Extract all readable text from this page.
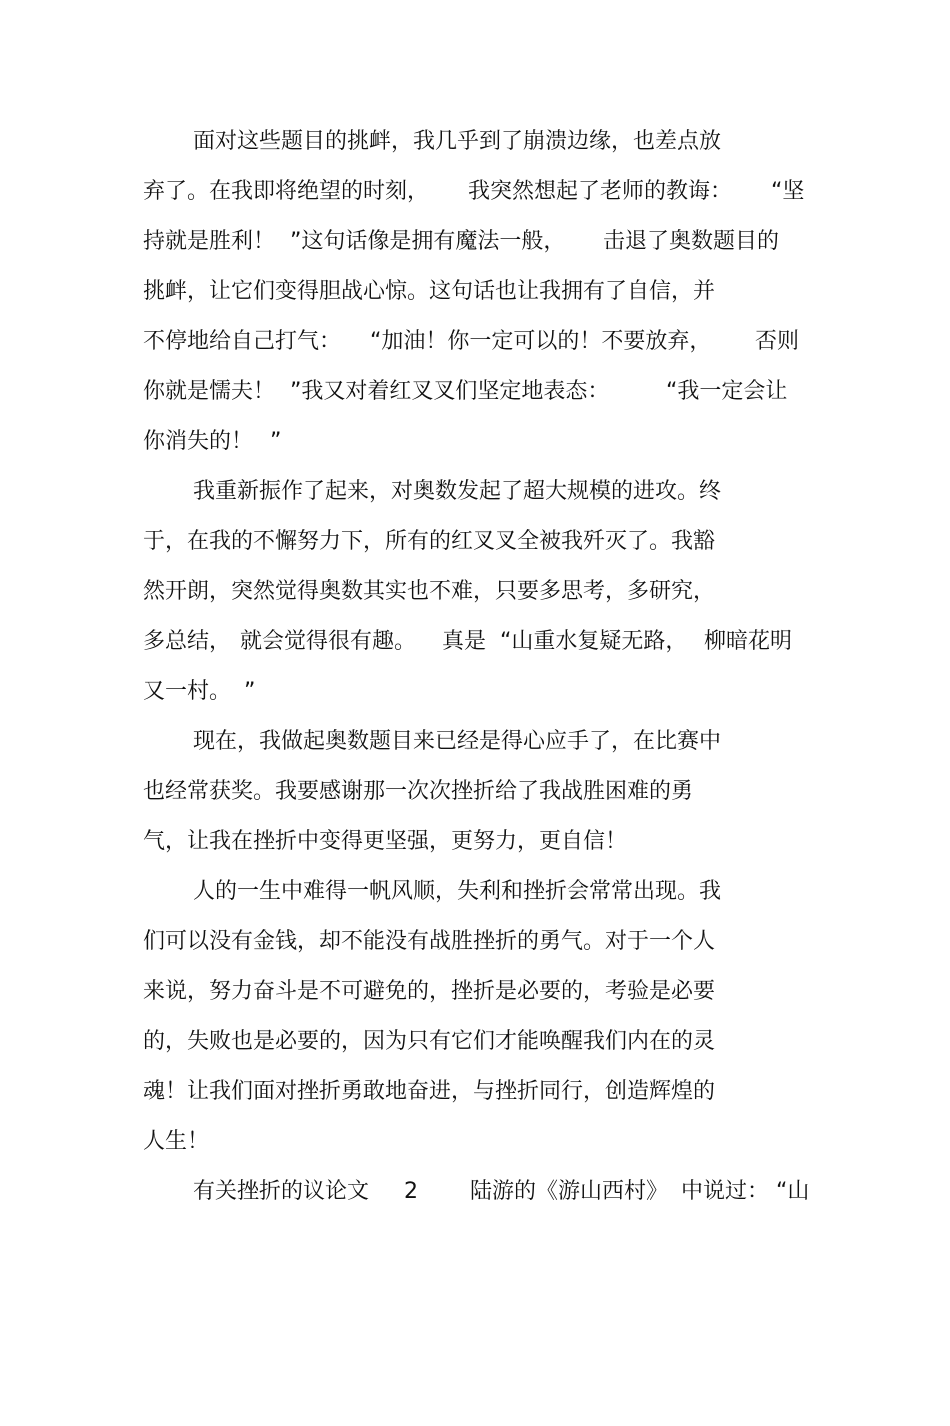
面对这些题目的挑衅，我几乎到了崩溃边缘，也差点放

弃了。在我即将绝望的时刻，

我突然想起了老师的教诲：

“坚

持就是胜利！

”这句话像是拥有魔法一般，

击退了奥数题目的

挑衅，让它们变得胆战心惊。这句话也让我拥有了自信，并

不停地给自己打气：

“加油！你一定可以的！不要放弃，

否则

你就是懦夫！

”我又对着红叉叉们坚定地表态：

	“我一定会让

你消失的！

”

我重新振作了起来，对奥数发起了超大规模的进攻。终

于，在我的不懈努力下，所有的红叉叉全被我歼灭了。我豁

然开朗，突然觉得奥数其实也不难，只要多思考，多研究，

多总结，

就会觉得很有趣。

真是

“山重水复疑无路，

柳暗花明

又一村。

”

现在，我做起奥数题目来已经是得心应手了，在比赛中

也经常获奖。我要感谢那一次次挫折给了我战胜困难的勇

气，让我在挫折中变得更坚强，更努力，更自信！

人的一生中难得一帆风顺，失利和挫折会常常出现。我

们可以没有金钱，却不能没有战胜挫折的勇气。对于一个人

来说，努力奋斗是不可避免的，挫折是必要的，考验是必要

的，失败也是必要的，因为只有它们才能唤醒我们内在的灵

魂！让我们面对挫折勇敢地奋进，与挫折同行，创造辉煌的

人生！

有关挫折的议论文

2

陆游的《游山西村》

中说过：

“山
